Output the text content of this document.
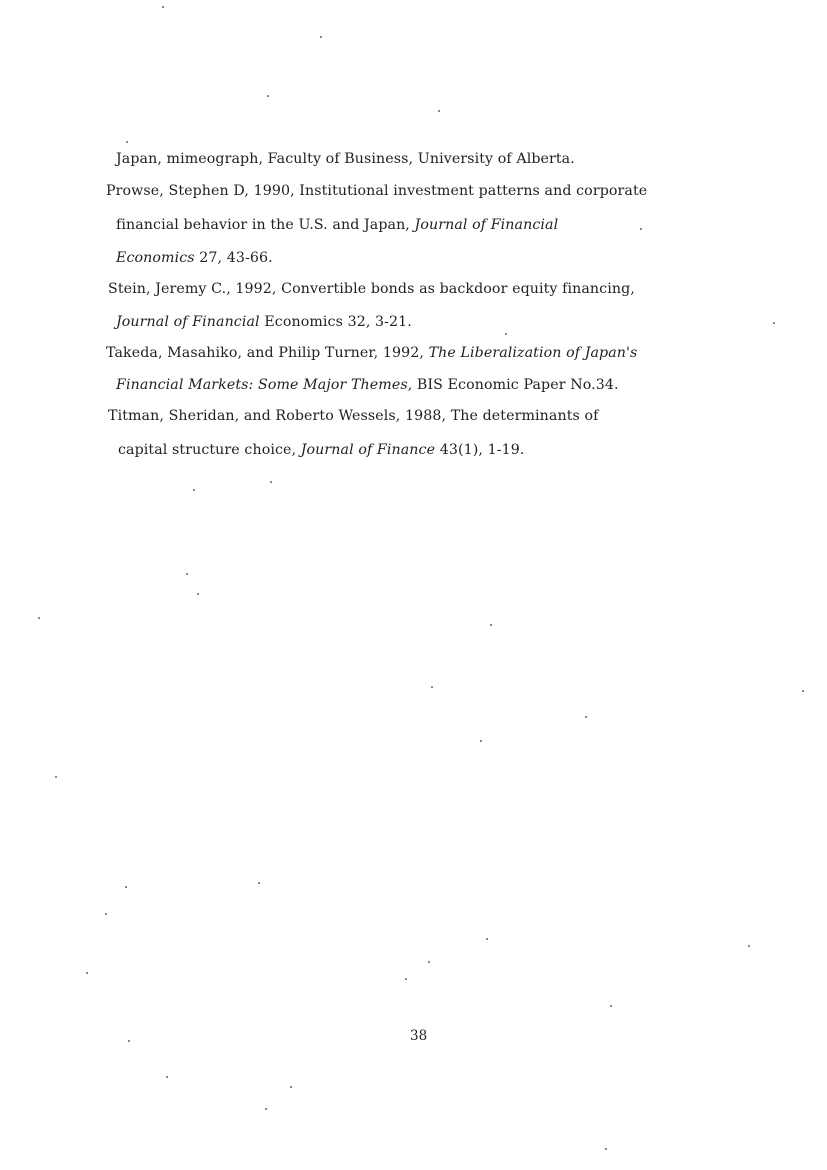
Japan, mimeograph, Faculty of Business, University of Alberta.
Prowse, Stephen D, 1990, Institutional investment patterns and corporate
financial behavior in the U.S. and Japan, Journal of Financial
Economics 27, 43-66.
Stein, Jeremy C., 1992, Convertible bonds as backdoor equity financing,
Journal of Financial Economics 32, 3-21.
Takeda, Masahiko, and Philip Turner, 1992, The Liberalization of Japan's
Financial Markets: Some Major Themes, BIS Economic Paper No.34.
Titman, Sheridan, and Roberto Wessels, 1988, The determinants of
capital structure choice, Journal of Finance 43(1), 1-19.
38
